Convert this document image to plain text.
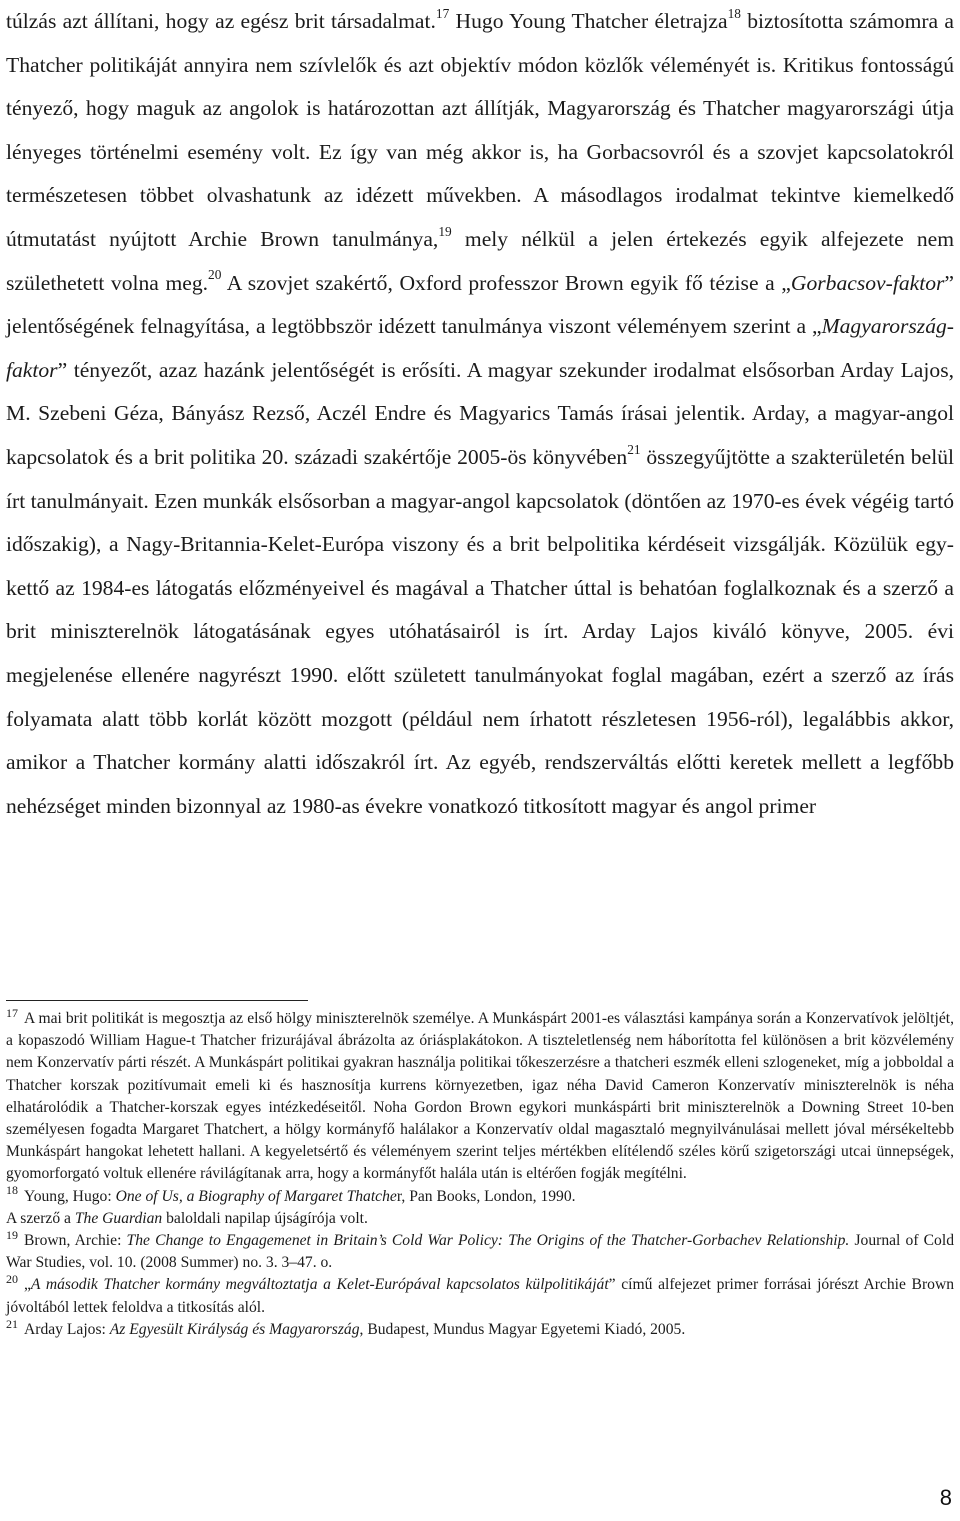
túlzás azt állítani, hogy az egész brit társadalmat.$^{17}$ Hugo Young Thatcher életrajza$^{18}$ biztosította számomra a Thatcher politikáját annyira nem szívlelők és azt objektív módon közlők véleményét is. Kritikus fontosságú tényező, hogy maguk az angolok is határozottan azt állítják, Magyarország és Thatcher magyarországi útja lényeges történelmi esemény volt. Ez így van még akkor is, ha Gorbacsovról és a szovjet kapcsolatokról természetesen többet olvashatunk az idézett művekben. A másodlagos irodalmat tekintve kiemelkedő útmutatást nyújtott Archie Brown tanulmánya,$^{19}$ mely nélkül a jelen értekezés egyik alfejezete nem születhetett volna meg.$^{20}$ A szovjet szakértő, Oxford professzor Brown egyik fő tézise a „Gorbacsov-faktor” jelentőségének felnagyítása, a legtöbbször idézett tanulmánya viszont véleményem szerint a „Magyarország-faktor” tényezőt, azaz hazánk jelentőségét is erősíti. A magyar szekunder irodalmat elsősorban Arday Lajos, M. Szebeni Géza, Bányász Rezső, Aczél Endre és Magyarics Tamás írásai jelentik. Arday, a magyar-angol kapcsolatok és a brit politika 20. századi szakértője 2005-ös könyvében$^{21}$ összegyűjtötte a szakterületén belül írt tanulmányait. Ezen munkák elsősorban a magyar-angol kapcsolatok (döntően az 1970-es évek végéig tartó időszakig), a Nagy-Britannia-Kelet-Európa viszony és a brit belpolitika kérdéseit vizsgálják. Közülük egy-kettő az 1984-es látogatás előzményeivel és magával a Thatcher úttal is behatóan foglalkoznak és a szerző a brit miniszterelnök látogatásának egyes utóhatásairól is írt. Arday Lajos kiváló könyve, 2005. évi megjelenése ellenére nagyrészt 1990. előtt született tanulmányokat foglal magában, ezért a szerző az írás folyamata alatt több korlát között mozgott (például nem írhatott részletesen 1956-ról), legalábbis akkor, amikor a Thatcher kormány alatti időszakról írt. Az egyéb, rendszerváltás előtti keretek mellett a legfőbb nehézséget minden bizonnyal az 1980-as évekre vonatkozó titkosított magyar és angol primer

$^{17}$ A mai brit politikát is megosztja az első hölgy miniszterelnök személye. A Munkáspárt 2001-es választási kampánya során a Konzervatívok jelöltjét, a kopaszodó William Hague-t Thatcher frizurájával ábrázolta az óriásplakátokon. A tiszteletlenség nem háborította fel különösen a brit közvélemény nem Konzervatív párti részét. A Munkáspárt politikai gyakran használja politikai tőkeszerzésre a thatcheri eszmék elleni szlogeneket, míg a jobboldal a Thatcher korszak pozitívumait emeli ki és hasznosítja kurrens környezetben, igaz néha David Cameron Konzervatív miniszterelnök is néha elhatárolódik a Thatcher-korszak egyes intézkedéseitől. Noha Gordon Brown egykori munkáspárti brit miniszterelnök a Downing Street 10-ben személyesen fogadta Margaret Thatchert, a hölgy kormányfő halálakor a Konzervatív oldal magasztaló megnyilvánulásai mellett jóval mérsékeltebb Munkáspárt hangokat lehetett hallani. A kegyeletsértő és véleményem szerint teljes mértékben elítélendő széles körű szigetországi utcai ünnepségek, gyomorforgató voltuk ellenére rávilágítanak arra, hogy a kormányfőt halála után is eltérően fogják megítélni.

$^{18}$ Young, Hugo: One of Us, a Biography of Margaret Thatcher, Pan Books, London, 1990.

A szerző a The Guardian baloldali napilap újságírója volt.

$^{19}$ Brown, Archie: The Change to Engagemenet in Britain’s Cold War Policy: The Origins of the Thatcher-Gorbachev Relationship. Journal of Cold War Studies, vol. 10. (2008 Summer) no. 3. 3–47. o.

$^{20}$ „A második Thatcher kormány megváltoztatja a Kelet-Európával kapcsolatos külpolitikáját” című alfejezet primer forrásai jórészt Archie Brown jóvoltából lettek feloldva a titkosítás alól.

$^{21}$ Arday Lajos: Az Egyesült Királyság és Magyarország, Budapest, Mundus Magyar Egyetemi Kiadó, 2005.

8
